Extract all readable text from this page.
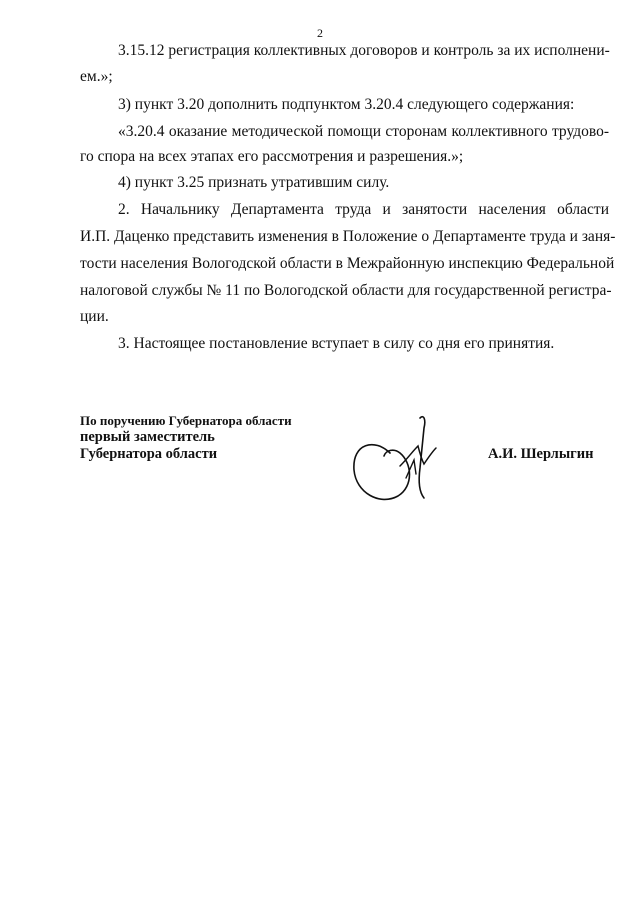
2
3.15.12 регистрация коллективных договоров и контроль за их исполнени-
ем.»;
3) пункт 3.20 дополнить подпунктом 3.20.4 следующего содержания:
«3.20.4 оказание методической помощи сторонам коллективного трудово-
го спора на всех этапах его рассмотрения и разрешения.»;
4) пункт 3.25 признать утратившим силу.
2. Начальнику Департамента труда и занятости населения области
И.П. Даценко представить изменения в Положение о Департаменте труда и заня-
тости населения Вологодской области в Межрайонную инспекцию Федеральной
налоговой службы № 11 по Вологодской области для государственной регистра-
ции.
3. Настоящее постановление вступает в силу со дня его принятия.
По поручению Губернатора области
первый заместитель
Губернатора области	А.И. Шерлыгин
